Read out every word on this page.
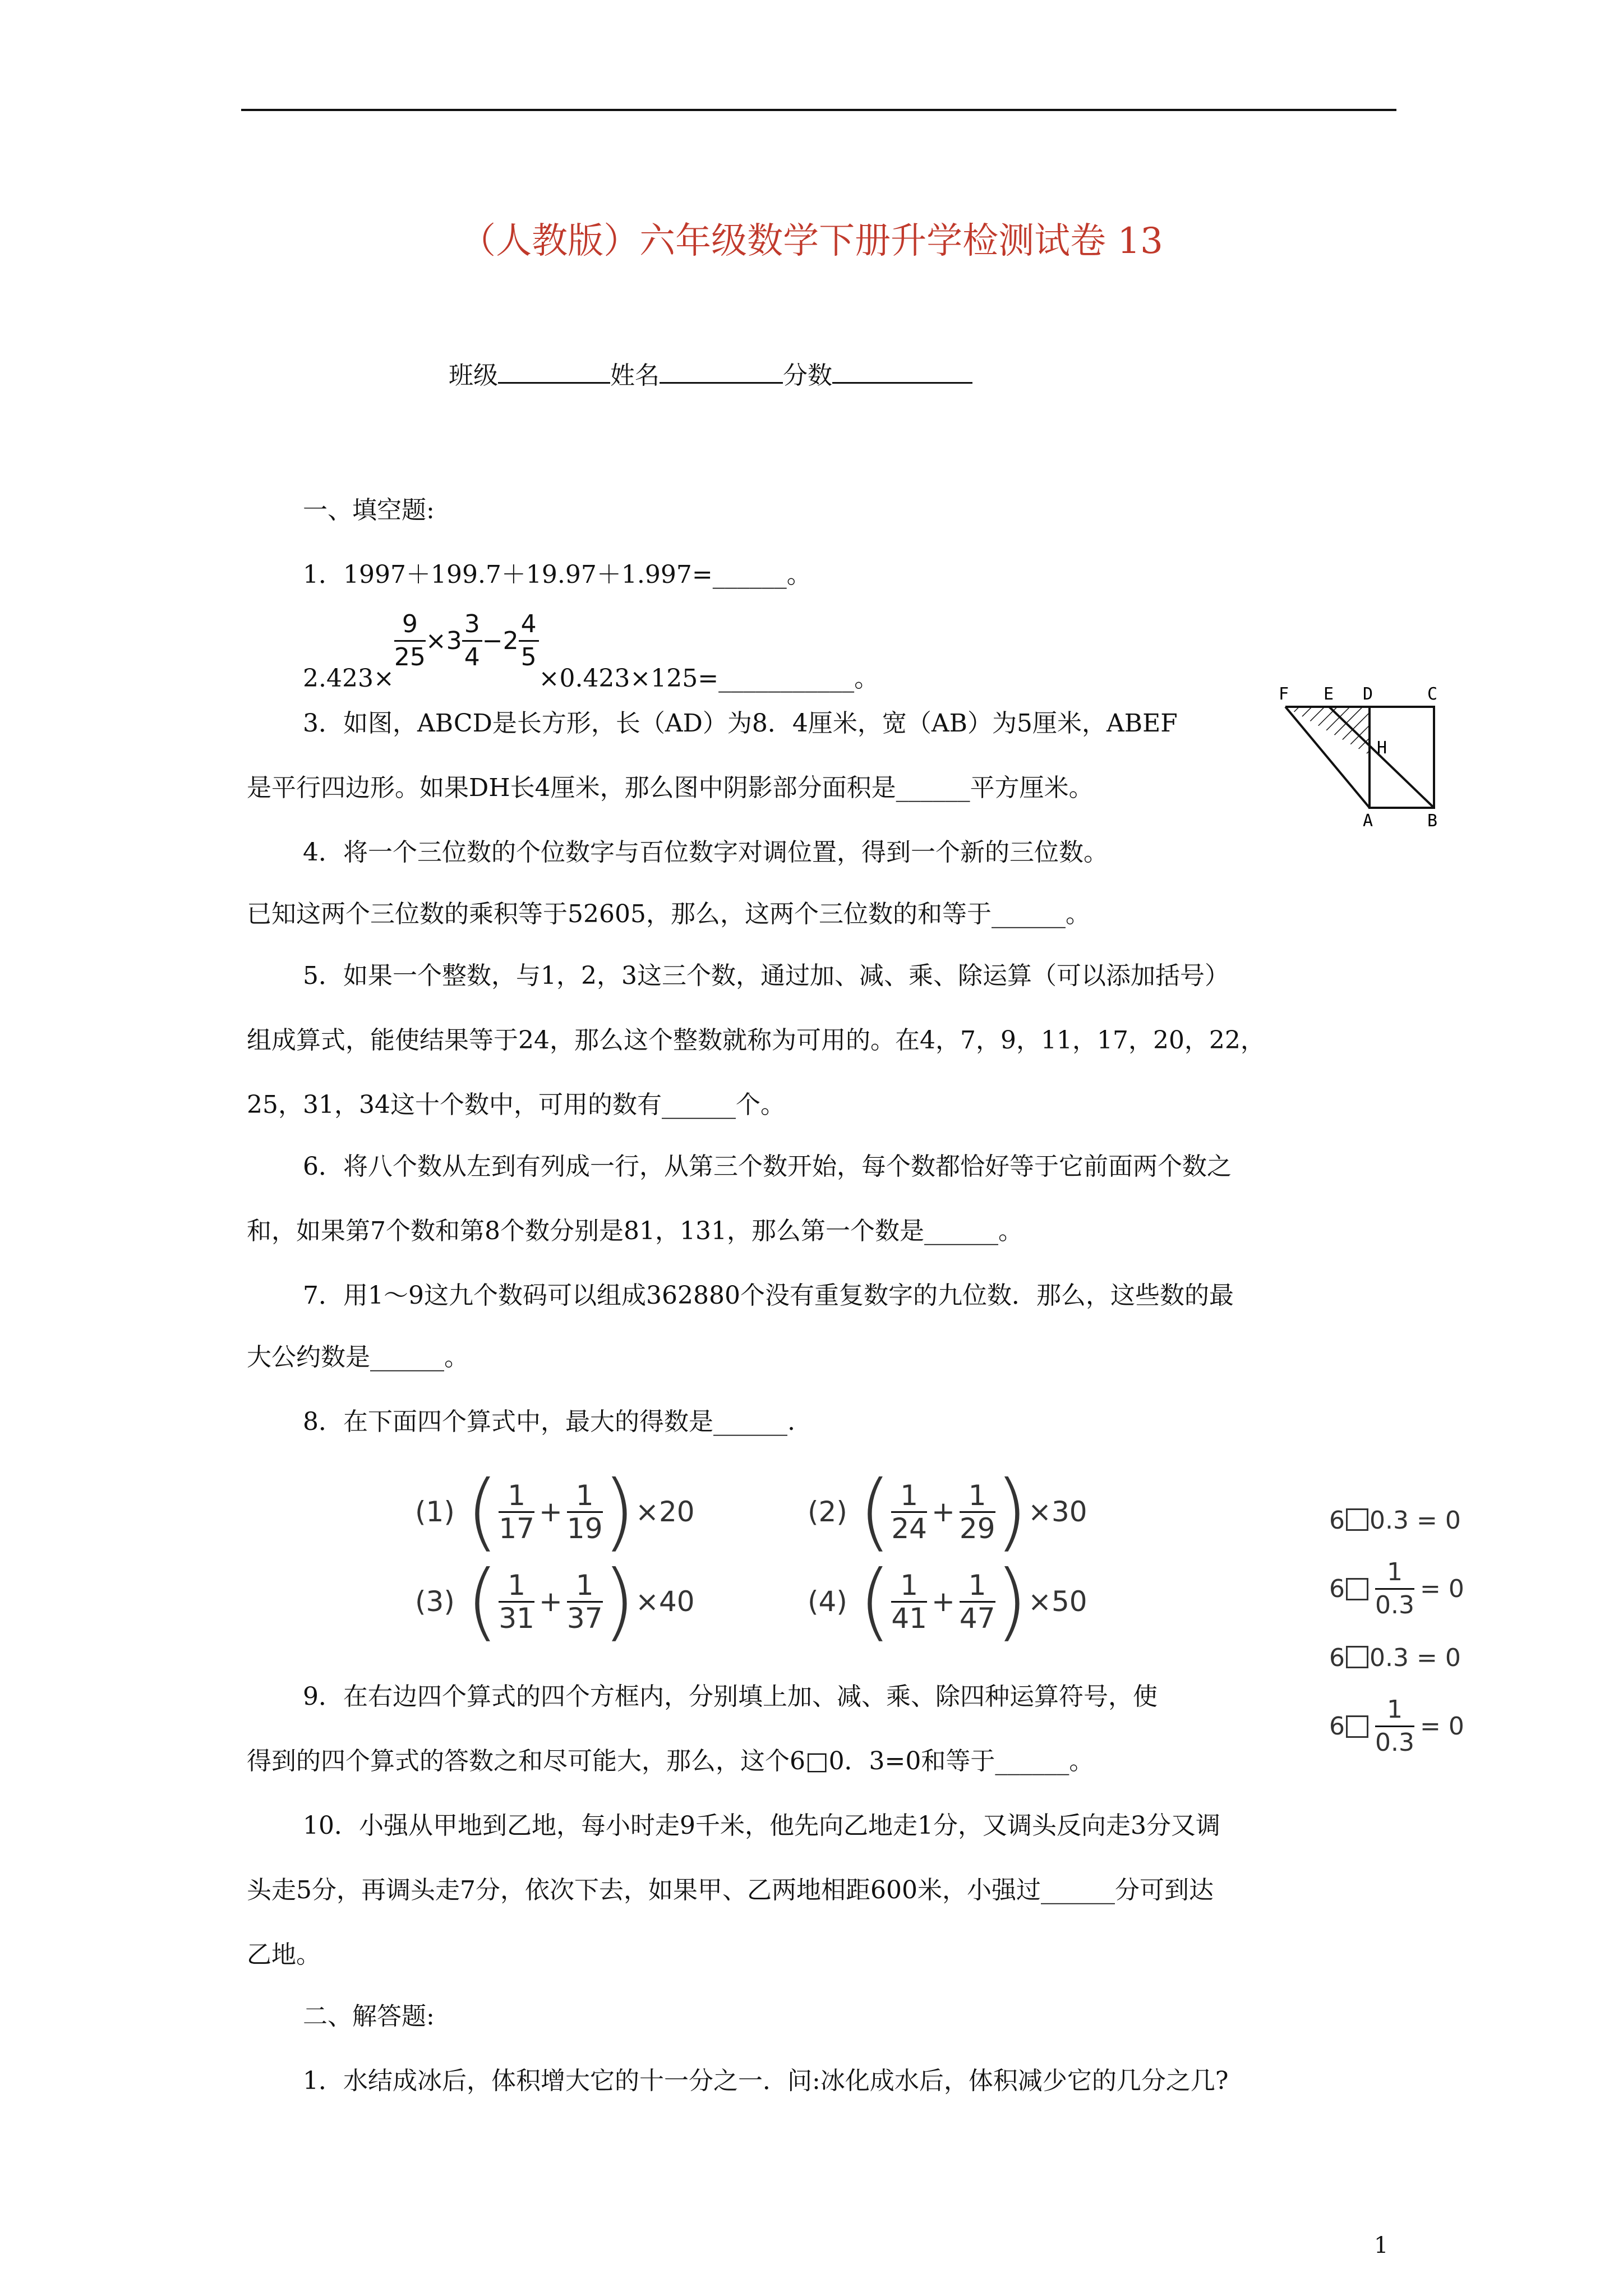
（人教版）六年级数学下册升学检测试卷 13
班级	姓名	分数
一、填空题:
1．1997＋199.7＋19.97＋1.997=______。
2.423×
$\frac{9}{25} \times 3 \frac{3}{4} -2 \frac{4}{5}$
×0.423×125=___________。
3．如图，ABCD是长方形，长（AD）为8．4厘米，宽（AB）为5厘米，ABEF
是平行四边形。如果DH长4厘米，那么图中阴影部分面积是______平方厘米。
F E D	C
H
A	B
4．将一个三位数的个位数字与百位数字对调位置，得到一个新的三位数。
已知这两个三位数的乘积等于52605，那么，这两个三位数的和等于______。
5．如果一个整数，与1，2，3这三个数，通过加、减、乘、除运算（可以添加括号）
组成算式，能使结果等于24，那么这个整数就称为可用的。在4，7，9，11，17，20，22，
25，31，34这十个数中，可用的数有______个。
6．将八个数从左到有列成一行，从第三个数开始，每个数都恰好等于它前面两个数之
和，如果第7个数和第8个数分别是81，131，那么第一个数是______。
7．用1～9这九个数码可以组成362880个没有重复数字的九位数．那么，这些数的最
大公约数是______。
8．在下面四个算式中，最大的得数是______.
(1) ( $\frac{1}{17} + \frac{1}{19}$ ) ×20	(2) ( $\frac{1}{24} + \frac{1}{29}$ ) ×30
(3) ( $\frac{1}{31} + \frac{1}{37}$ ) ×40	(4) ( $\frac{1}{41} + \frac{1}{47}$ ) ×50
6 0.3 = 0
$6 \frac{1}{0.3} = 0$
6 0.3 = 0
$6 \frac{1}{0.3} = 0$
9．在右边四个算式的四个方框内，分别填上加、减、乘、除四种运算符号，使
得到的四个算式的答数之和尽可能大，那么，这个6□0．3=0和等于______。
10．小强从甲地到乙地，每小时走9千米，他先向乙地走1分，又调头反向走3分又调
头走5分，再调头走7分，依次下去，如果甲、乙两地相距600米，小强过______分可到达
乙地。
二、解答题:
1．水结成冰后，体积增大它的十一分之一．问:冰化成水后，体积减少它的几分之几?
1
